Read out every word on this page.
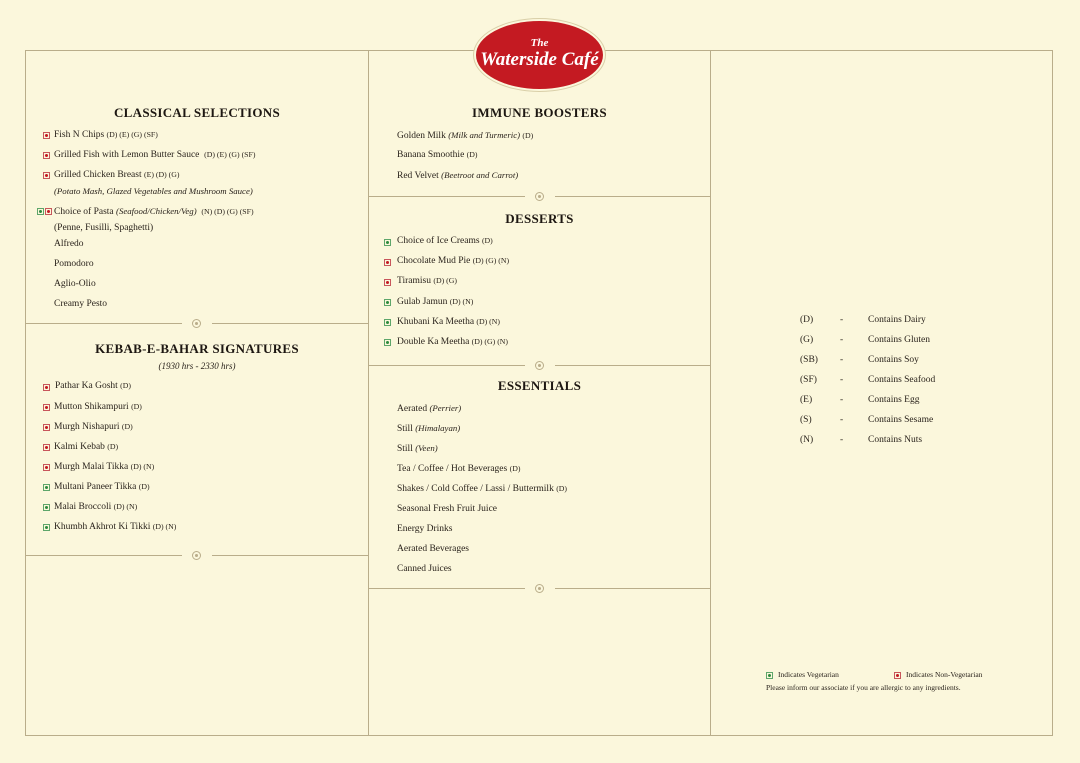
The
Waterside Café
CLASSICAL SELECTIONS
Fish N Chips (D) (E) (G) (SF)
Grilled Fish with Lemon Butter Sauce (D) (E) (G) (SF)
Grilled Chicken Breast (E) (D) (G)
(Potato Mash, Glazed Vegetables and Mushroom Sauce)
Choice of Pasta (Seafood/Chicken/Veg) (N) (D) (G) (SF)
(Penne, Fusilli, Spaghetti)
Alfredo
Pomodoro
Aglio-Olio
Creamy Pesto
KEBAB-E-BAHAR SIGNATURES
(1930 hrs - 2330 hrs)
Pathar Ka Gosht (D)
Mutton Shikampuri (D)
Murgh Nishapuri (D)
Kalmi Kebab (D)
Murgh Malai Tikka (D) (N)
Multani Paneer Tikka (D)
Malai Broccoli (D) (N)
Khumbh Akhrot Ki Tikki (D) (N)
IMMUNE BOOSTERS
Golden Milk (Milk and Turmeric) (D)
Banana Smoothie (D)
Red Velvet (Beetroot and Carrot)
DESSERTS
Choice of Ice Creams (D)
Chocolate Mud Pie (D) (G) (N)
Tiramisu (D) (G)
Gulab Jamun (D) (N)
Khubani Ka Meetha (D) (N)
Double Ka Meetha (D) (G) (N)
ESSENTIALS
Aerated (Perrier)
Still (Himalayan)
Still (Veen)
Tea / Coffee / Hot Beverages (D)
Shakes / Cold Coffee / Lassi / Buttermilk (D)
Seasonal Fresh Fruit Juice
Energy Drinks
Aerated Beverages
Canned Juices
(D)	-	Contains Dairy
(G)	-	Contains Gluten
(SB) -	Contains Soy
(SF) -	Contains Seafood
(E)	-	Contains Egg
(S)	-	Contains Sesame
(N)	-	Contains Nuts
Indicates Vegetarian	Indicates Non-Vegetarian
Please inform our associate if you are allergic to any ingredients.
